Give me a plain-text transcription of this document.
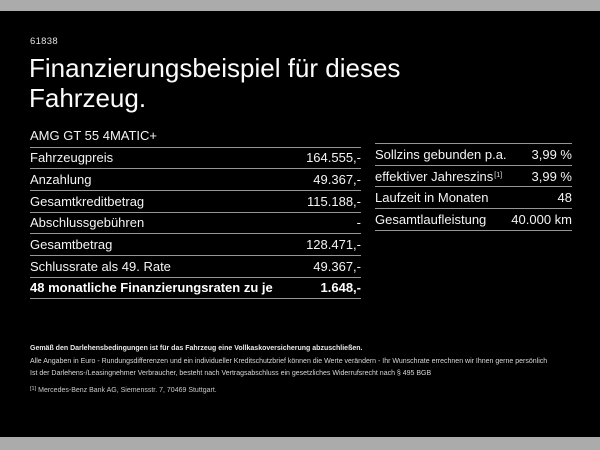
61838
Finanzierungsbeispiel für dieses Fahrzeug.
AMG GT 55 4MATIC+
Fahrzeugpreis	164.555,-
Anzahlung	49.367,-
Gesamtkreditbetrag	115.188,-
Abschlussgebühren	-
Gesamtbetrag	128.471,-
Schlussrate als 49. Rate	49.367,-
48 monatliche Finanzierungsraten zu je	1.648,-
Sollzins gebunden p.a. 3,99 %
effektiver Jahreszins[1] 3,99 %
Laufzeit in Monaten	48
Gesamtlaufleistung 40.000 km

Gemäß den Darlehensbedingungen ist für das Fahrzeug eine Vollkaskoversicherung abzuschließen.

Alle Angaben in Euro - Rundungsdifferenzen und ein individueller Kreditschutzbrief können die Werte verändern - Ihr Wunschrate errechnen wir Ihnen gerne persönlich

Ist der Darlehens-/Leasingnehmer Verbraucher, besteht nach Vertragsabschluss ein gesetzliches Widerrufsrecht nach § 495 BGB

[1] Mercedes-Benz Bank AG, Siemensstr. 7, 70469 Stuttgart.
